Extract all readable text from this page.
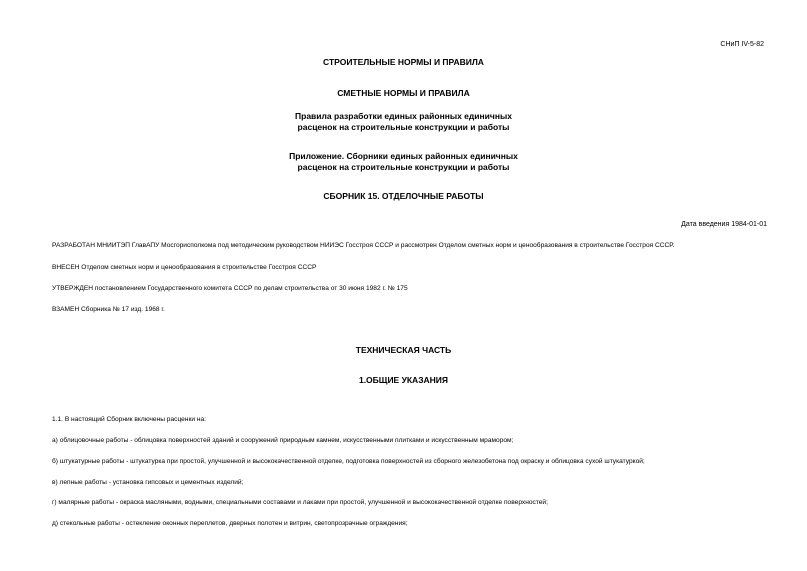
СНиП IV-5-82
СТРОИТЕЛЬНЫЕ НОРМЫ И ПРАВИЛА
СМЕТНЫЕ НОРМЫ И ПРАВИЛА
Правила разработки единых районных единичных
расценок на строительные конструкции и работы
Приложение. Сборники единых районных единичных
расценок на строительные конструкции и работы
СБОРНИК 15. ОТДЕЛОЧНЫЕ РАБОТЫ
Дата введения 1984-01-01
РАЗРАБОТАН МНИИТЭП ГлавАПУ Мосгорисполкома под методическим руководством НИИЭС Госстроя СССР и рассмотрен Отделом сметных норм и ценообразования в строительстве Госстроя СССР.
ВНЕСЕН Отделом сметных норм и ценообразования в строительстве Госстроя СССР
УТВЕРЖДЕН постановлением Государственного комитета СССР по делам строительства от 30 июня 1982 г. № 175
ВЗАМЕН Сборника № 17 изд. 1968 г.
ТЕХНИЧЕСКАЯ ЧАСТЬ
1.ОБЩИЕ УКАЗАНИЯ
1.1. В настоящий Сборник включены расценки на:
а) облицовочные работы - облицовка поверхностей зданий и сооружений природным камнем, искусственными плитками и искусственным мрамором;
б) штукатурные работы - штукатурка при простой, улучшенной и высококачественной отделке, подготовка поверхностей из сборного железобетона под окраску и облицовка сухой штукатуркой;
в) лепные работы - установка гипсовых и цементных изделий;
г) малярные работы - окраска масляными, водными, специальными составами и лаками при простой, улучшенной и высококачественной отделке поверхностей;
д) стекольные работы - остекление оконных переплетов, дверных полотен и витрин, светопрозрачные ограждения;
